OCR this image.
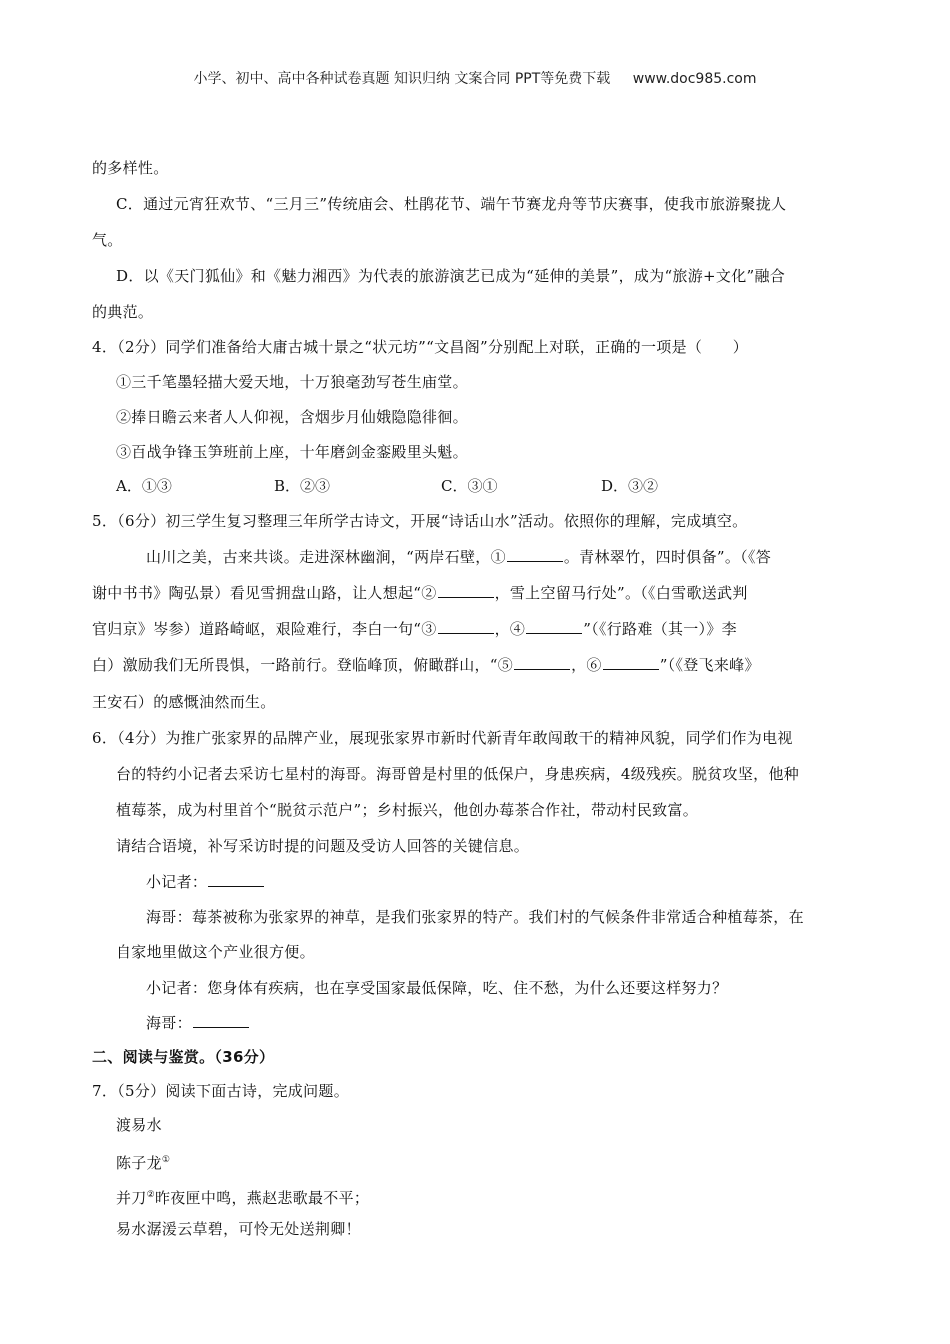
小学、初中、高中各种试卷真题 知识归纳 文案合同 PPT等免费下载 www.doc985.com
的多样性。
C．通过元宵狂欢节、“三月三”传统庙会、杜鹃花节、端午节赛龙舟等节庆赛事，使我市旅游聚拢人
气。
D．以《天门狐仙》和《魅力湘西》为代表的旅游演艺已成为“延伸的美景”，成为“旅游+文化”融合
的典范。
4．（2分）同学们准备给大庸古城十景之“状元坊”“文昌阁”分别配上对联，正确的一项是（　　）
①三千笔墨轻描大爱天地，十万狼毫劲写苍生庙堂。
②捧日瞻云来者人人仰视，含烟步月仙娥隐隐徘徊。
③百战争锋玉笋班前上座，十年磨剑金銮殿里头魁。
A．①③	B．②③	C．③①	D．③②
5．（6分）初三学生复习整理三年所学古诗文，开展“诗话山水”活动。依照你的理解，完成填空。
山川之美，古来共谈。走进深林幽涧，“两岸石壁，①	。青林翠竹，四时俱备”。（《答
谢中书书》陶弘景）看见雪拥盘山路，让人想起“②	，雪上空留马行处”。（《白雪歌送武判
官归京》岑参）道路崎岖，艰险难行，李白一句“③	，④	”（《行路难（其一）》李
白）激励我们无所畏惧，一路前行。登临峰顶，俯瞰群山，“⑤	，⑥	”（《登飞来峰》
王安石）的感慨油然而生。
6．（4分）为推广张家界的品牌产业，展现张家界市新时代新青年敢闯敢干的精神风貌，同学们作为电视
台的特约小记者去采访七星村的海哥。海哥曾是村里的低保户，身患疾病，4级残疾。脱贫攻坚，他种
植莓茶，成为村里首个“脱贫示范户”；乡村振兴，他创办莓茶合作社，带动村民致富。
请结合语境，补写采访时提的问题及受访人回答的关键信息。
小记者：
海哥：莓茶被称为张家界的神草，是我们张家界的特产。我们村的气候条件非常适合种植莓茶，在
自家地里做这个产业很方便。
小记者：您身体有疾病，也在享受国家最低保障，吃、住不愁，为什么还要这样努力？
海哥：
二、阅读与鉴赏。（36分）
7．（5分）阅读下面古诗，完成问题。
渡易水
陈子龙①
并刀②昨夜匣中鸣，燕赵悲歌最不平；
易水潺湲云草碧，可怜无处送荆卿！
